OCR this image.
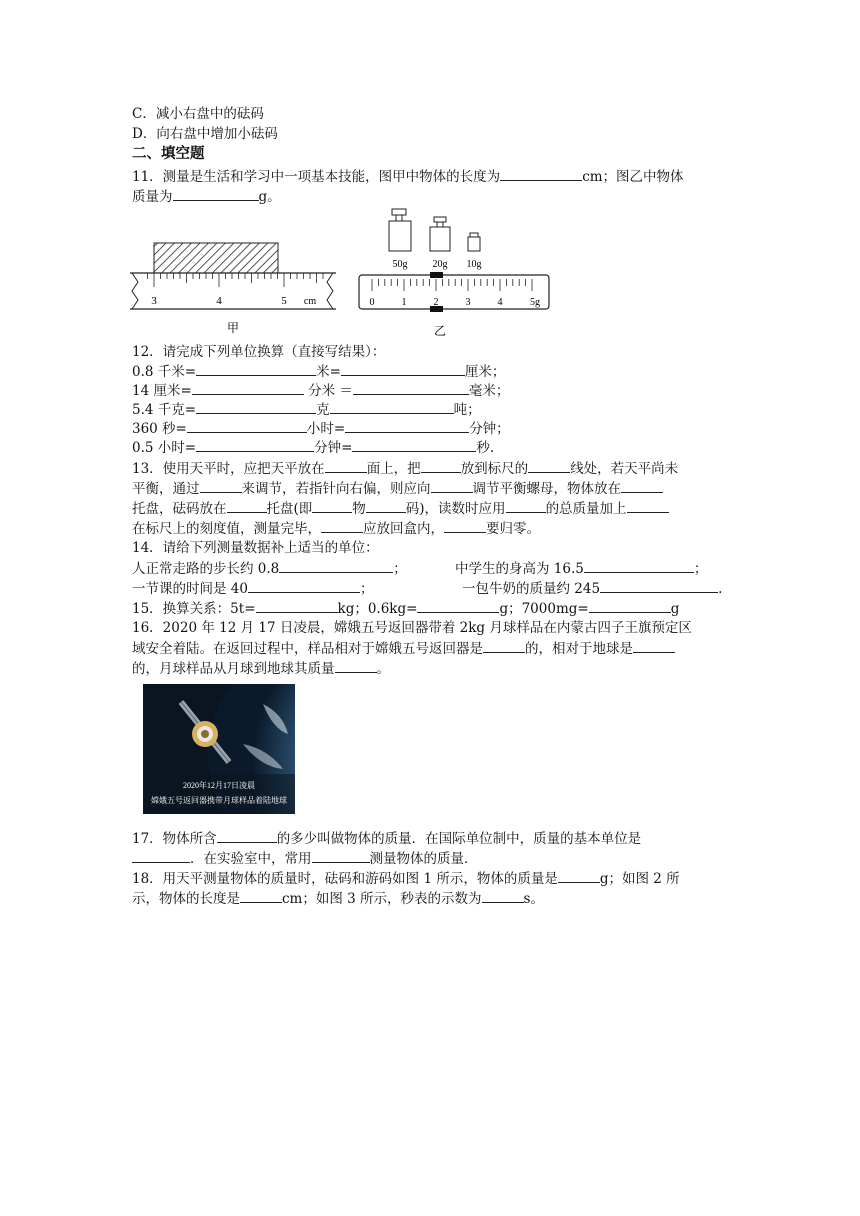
C．减小右盘中的砝码
D．向右盘中增加小砝码
二、填空题
11．测量是生活和学习中一项基本技能，图甲中物体的长度为	cm；图乙中物体
质量为	g。
3	4	5 cm
甲
50g	20g 10g
0	1	2	3	4	5g
乙
12．请完成下列单位换算（直接写结果）：
0.8 千米=	米=	厘米；
14 厘米=	分米 ＝	毫米；
5.4 千克=	克	吨；
360 秒=	小时=	分钟；
0.5 小时=	分钟=	秒.
13．使用天平时，应把天平放在	面上，把	放到标尺的	线处，若天平尚未
平衡，通过	来调节，若指针向右偏，则应向	调节平衡螺母，物体放在
托盘，砝码放在	托盘(即	物	码)，读数时应用	的总质量加上
在标尺上的刻度值，测量完毕，	应放回盒内，	要归零。
14．请给下列测量数据补上适当的单位：
人正常走路的步长约 0.8	；	中学生的身高为 16.5	；
一节课的时间是 40	；	一包牛奶的质量约 245	.
15．换算关系：5t=	kg；0.6kg=	g；7000mg=	g
16．2020 年 12 月 17 日凌晨，嫦娥五号返回器带着 2kg 月球样品在内蒙古四子王旗预定区
域安全着陆。在返回过程中，样品相对于嫦娥五号返回器是	的，相对于地球是
的，月球样品从月球到地球其质量	。
2020年12月17日凌晨
嫦娥五号返回器携带月球样品着陆地球
17．物体所含	的多少叫做物体的质量．在国际单位制中，质量的基本单位是
．在实验室中，常用	测量物体的质量．
18．用天平测量物体的质量时，砝码和游码如图 1 所示，物体的质量是	g；如图 2 所
示，物体的长度是	cm；如图 3 所示，秒表的示数为	s。
